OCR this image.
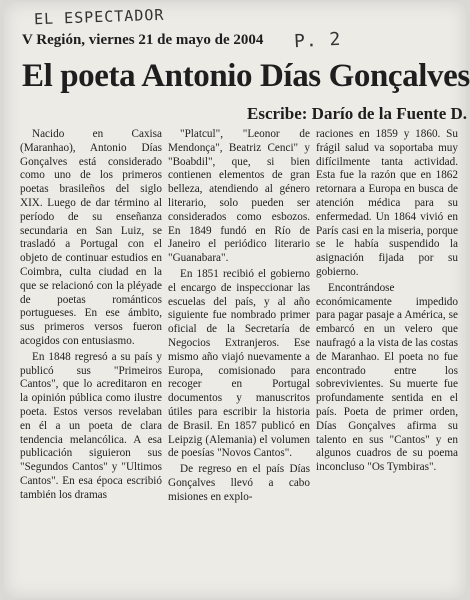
EL ESPECTADOR
P. 2
V Región, viernes 21 de mayo de 2004
El poeta Antonio Días Gonçalves
Escribe: Darío de la Fuente D.

Nacido en Caxisa (Maranhao), Antonio Días Gonçalves está considerado como uno de los primeros poetas brasileños del siglo XIX. Luego de dar término al período de su enseñanza secundaria en San Luiz, se trasladó a Portugal con el objeto de continuar estudios en Coimbra, culta ciudad en la que se relacionó con la pléyade de poetas románticos portugueses. En ese ámbito, sus primeros versos fueron acogidos con entusiasmo.

En 1848 regresó a su país y publicó sus "Primeiros Cantos", que lo acreditaron en la opinión pública como ilustre poeta. Estos versos revelaban en él a un poeta de clara tendencia melancólica. A esa publicación siguieron sus "Segundos Cantos" y "Ultimos Cantos". En esa época escribió también los dramas

"Platcul", "Leonor de Mendonça", Beatriz Cenci" y "Boabdil", que, si bien contienen elementos de gran belleza, atendiendo al género literario, solo pueden ser considerados como esbozos. En 1849 fundó en Río de Janeiro el periódico literario "Guanabara".

En 1851 recibió el gobierno el encargo de inspeccionar las escuelas del país, y al año siguiente fue nombrado primer oficial de la Secretaría de Negocios Extranjeros. Ese mismo año viajó nuevamente a Europa, comisionado para recoger en Portugal documentos y manuscritos útiles para escribir la historia de Brasil. En 1857 publicó en Leipzig (Alemania) el volumen de poesías "Novos Cantos".

De regreso en el país Días Gonçalves llevó a cabo misiones en explo-

raciones en 1859 y 1860. Su frágil salud va soportaba muy difícilmente tanta actividad. Esta fue la razón que en 1862 retornara a Europa en busca de atención médica para su enfermedad. Un 1864 vivió en París casi en la miseria, porque se le había suspendido la asignación fijada por su gobierno.

Encontrándose económicamente impedido para pagar pasaje a América, se embarcó en un velero que naufragó a la vista de las costas de Maranhao. El poeta no fue encontrado entre los sobrevivientes. Su muerte fue profundamente sentida en el país. Poeta de primer orden, Días Gonçalves afirma su talento en sus "Cantos" y en algunos cuadros de su poema inconcluso "Os Tymbiras".
